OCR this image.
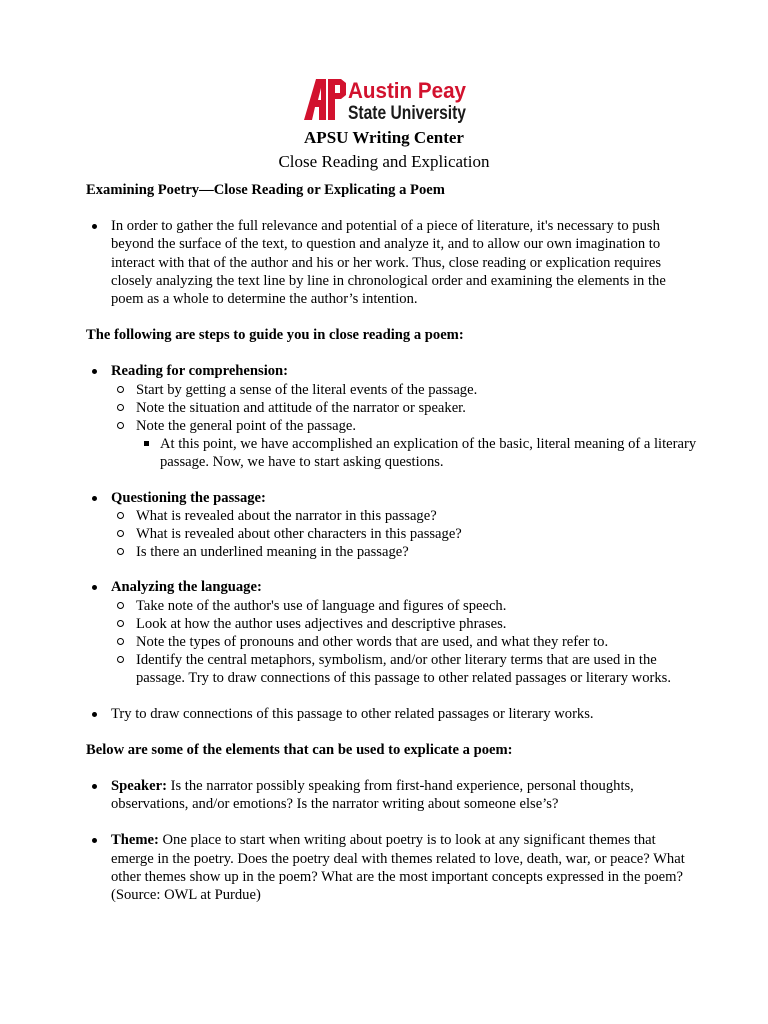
Austin Peay
State University
APSU Writing Center
Close Reading and Explication

Examining Poetry—Close Reading or Explicating a Poem

In order to gather the full relevance and potential of a piece of literature, it's necessary to push beyond the surface of the text, to question and analyze it, and to allow our own imagination to interact with that of the author and his or her work. Thus, close reading or explication requires closely analyzing the text line by line in chronological order and examining the elements in the poem as a whole to determine the author’s intention.

The following are steps to guide you in close reading a poem:

Reading for comprehension:
Start by getting a sense of the literal events of the passage.
Note the situation and attitude of the narrator or speaker.
Note the general point of the passage.
At this point, we have accomplished an explication of the basic, literal meaning of a literary passage. Now, we have to start asking questions.
Questioning the passage:
What is revealed about the narrator in this passage?
What is revealed about other characters in this passage?
Is there an underlined meaning in the passage?
Analyzing the language:
Take note of the author's use of language and figures of speech.
Look at how the author uses adjectives and descriptive phrases.
Note the types of pronouns and other words that are used, and what they refer to.
Identify the central metaphors, symbolism, and/or other literary terms that are used in the passage. Try to draw connections of this passage to other related passages or literary works.
Try to draw connections of this passage to other related passages or literary works.

Below are some of the elements that can be used to explicate a poem:

Speaker: Is the narrator possibly speaking from first-hand experience, personal thoughts, observations, and/or emotions? Is the narrator writing about someone else’s?
Theme: One place to start when writing about poetry is to look at any significant themes that emerge in the poetry. Does the poetry deal with themes related to love, death, war, or peace? What other themes show up in the poem? What are the most important concepts expressed in the poem? (Source: OWL at Purdue)
